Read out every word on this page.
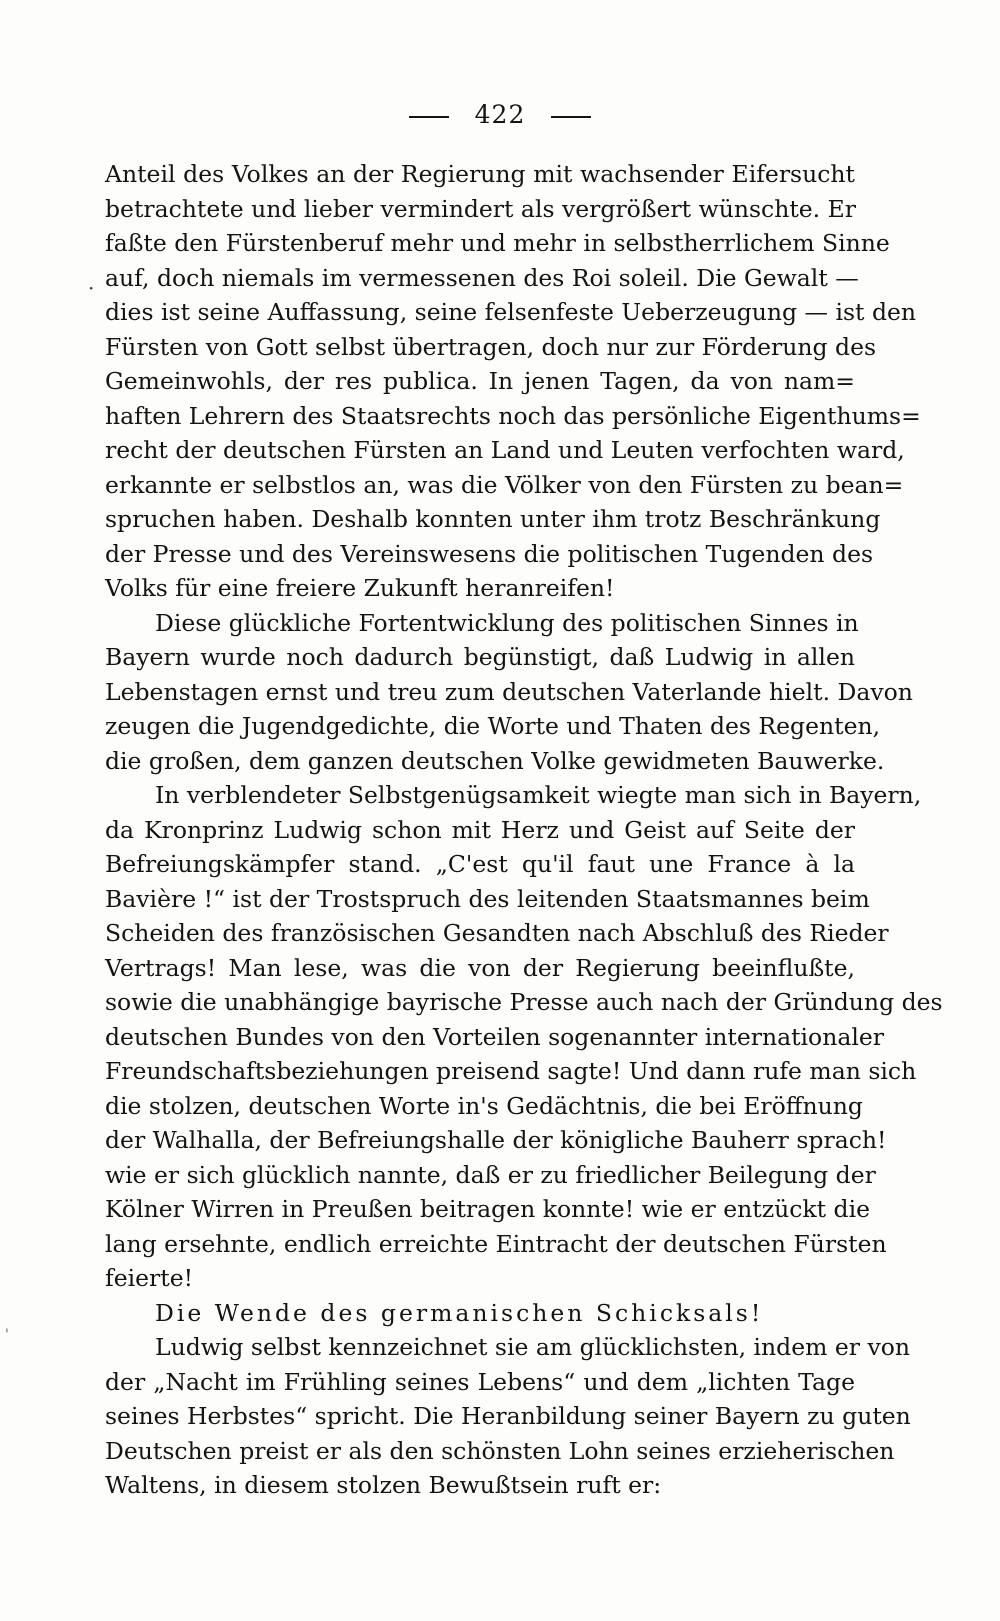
422
·
'
Anteil des Volkes an der Regierung mit wachsender Eifersucht
betrachtete und lieber vermindert als vergrößert wünschte. Er
faßte den Fürstenberuf mehr und mehr in selbstherrlichem Sinne
auf, doch niemals im vermessenen des Roi soleil. Die Gewalt —
dies ist seine Auffassung, seine felsenfeste Ueberzeugung — ist den
Fürsten von Gott selbst übertragen, doch nur zur Förderung des
Gemeinwohls, der res publica. In jenen Tagen, da von nam=
haften Lehrern des Staatsrechts noch das persönliche Eigenthums=
recht der deutschen Fürsten an Land und Leuten verfochten ward,
erkannte er selbstlos an, was die Völker von den Fürsten zu bean=
spruchen haben. Deshalb konnten unter ihm trotz Beschränkung
der Presse und des Vereinswesens die politischen Tugenden des
Volks für eine freiere Zukunft heranreifen!
Diese glückliche Fortentwicklung des politischen Sinnes in
Bayern wurde noch dadurch begünstigt, daß Ludwig in allen
Lebenstagen ernst und treu zum deutschen Vaterlande hielt. Davon
zeugen die Jugendgedichte, die Worte und Thaten des Regenten,
die großen, dem ganzen deutschen Volke gewidmeten Bauwerke.
In verblendeter Selbstgenügsamkeit wiegte man sich in Bayern,
da Kronprinz Ludwig schon mit Herz und Geist auf Seite der
Befreiungskämpfer stand. „C'est qu'il faut une France à la
Bavière !“ ist der Trostspruch des leitenden Staatsmannes beim
Scheiden des französischen Gesandten nach Abschluß des Rieder
Vertrags! Man lese, was die von der Regierung beeinflußte,
sowie die unabhängige bayrische Presse auch nach der Gründung des
deutschen Bundes von den Vorteilen sogenannter internationaler
Freundschaftsbeziehungen preisend sagte! Und dann rufe man sich
die stolzen, deutschen Worte in's Gedächtnis, die bei Eröffnung
der Walhalla, der Befreiungshalle der königliche Bauherr sprach!
wie er sich glücklich nannte, daß er zu friedlicher Beilegung der
Kölner Wirren in Preußen beitragen konnte! wie er entzückt die
lang ersehnte, endlich erreichte Eintracht der deutschen Fürsten
feierte!
Die Wende des germanischen Schicksals!
Ludwig selbst kennzeichnet sie am glücklichsten, indem er von
der „Nacht im Frühling seines Lebens“ und dem „lichten Tage
seines Herbstes“ spricht. Die Heranbildung seiner Bayern zu guten
Deutschen preist er als den schönsten Lohn seines erzieherischen
Waltens, in diesem stolzen Bewußtsein ruft er:
